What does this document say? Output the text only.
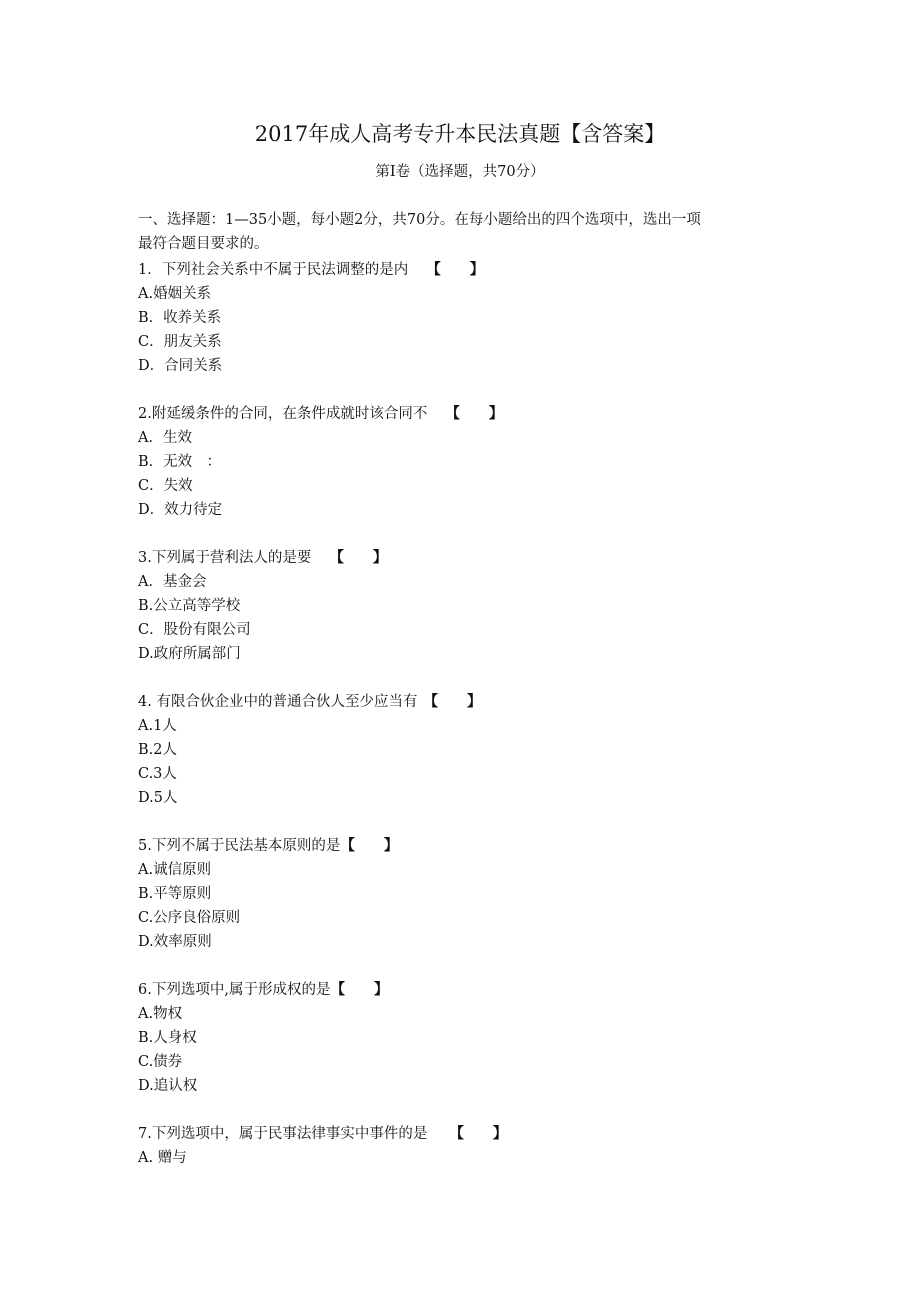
2017年成人高考专升本民法真题【含答案】
第Ⅰ卷（选择题，共70分）
一、选择题：1—35小题，每小题2分，共70分。在每小题给出的四个选项中，选出一项
最符合题目要求的。
1．下列社会关系中不属于民法调整的是内 【　　】
A.婚姻关系
B．收养关系
C．朋友关系
D．合同关系
2.附延缓条件的合同，在条件成就时该合同不 【　　】
A．生效
B．无效　：
C．失效
D．效力待定
3.下列属于营利法人的是要 【　　】
A．基金会
B.公立高等学校
C．股份有限公司
D.政府所属部门
4. 有限合伙企业中的普通合伙人至少应当有 【　　】
A.1人
B.2人
C.3人
D.5人
5.下列不属于民法基本原则的是【　　】
A.诚信原则
B.平等原则
C.公序良俗原则
D.效率原则
6.下列选项中,属于形成权的是【　　】
A.物权
B.人身权
C.债券
D.追认权
7.下列选项中，属于民事法律事实中事件的是 【　　】
A. 赠与
